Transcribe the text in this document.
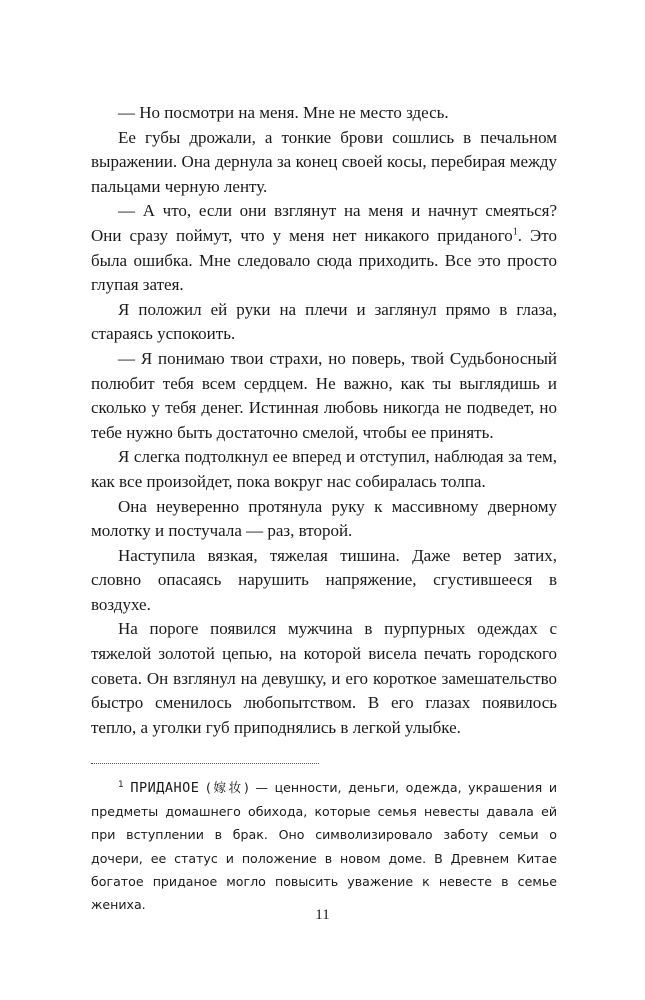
— Но посмотри на меня. Мне не место здесь.

Ее губы дрожали, а тонкие брови сошлись в печальном выражении. Она дернула за конец своей косы, перебирая между пальцами черную ленту.

— А что, если они взглянут на меня и начнут смеяться? Они сразу поймут, что у меня нет никакого приданого$^1$. Это была ошибка. Мне следовало сюда приходить. Все это просто глупая затея.

Я положил ей руки на плечи и заглянул прямо в глаза, стараясь успокоить.

— Я понимаю твои страхи, но поверь, твой Судьбоносный полюбит тебя всем сердцем. Не важно, как ты выглядишь и сколько у тебя денег. Истинная любовь никогда не подведет, но тебе нужно быть достаточно смелой, чтобы ее принять.

Я слегка подтолкнул ее вперед и отступил, наблюдая за тем, как все произойдет, пока вокруг нас собиралась толпа.

Она неуверенно протянула руку к массивному дверному молотку и постучала — раз, второй.

Наступила вязкая, тяжелая тишина. Даже ветер затих, словно опасаясь нарушить напряжение, сгустившееся в воздухе.

На пороге появился мужчина в пурпурных одеждах с тяжелой золотой цепью, на которой висела печать городского совета. Он взглянул на девушку, и его короткое замешательство быстро сменилось любопытством. В его глазах появилось тепло, а уголки губ приподнялись в легкой улыбке.

$^1$ ПРИДАНОЕ (嫁妆) — ценности, деньги, одежда, украшения и предметы домашнего обихода, которые семья невесты давала ей при вступлении в брак. Оно символизировало заботу семьи о дочери, ее статус и положение в новом доме. В Древнем Китае богатое приданое могло повысить уважение к невесте в семье жениха.

11
